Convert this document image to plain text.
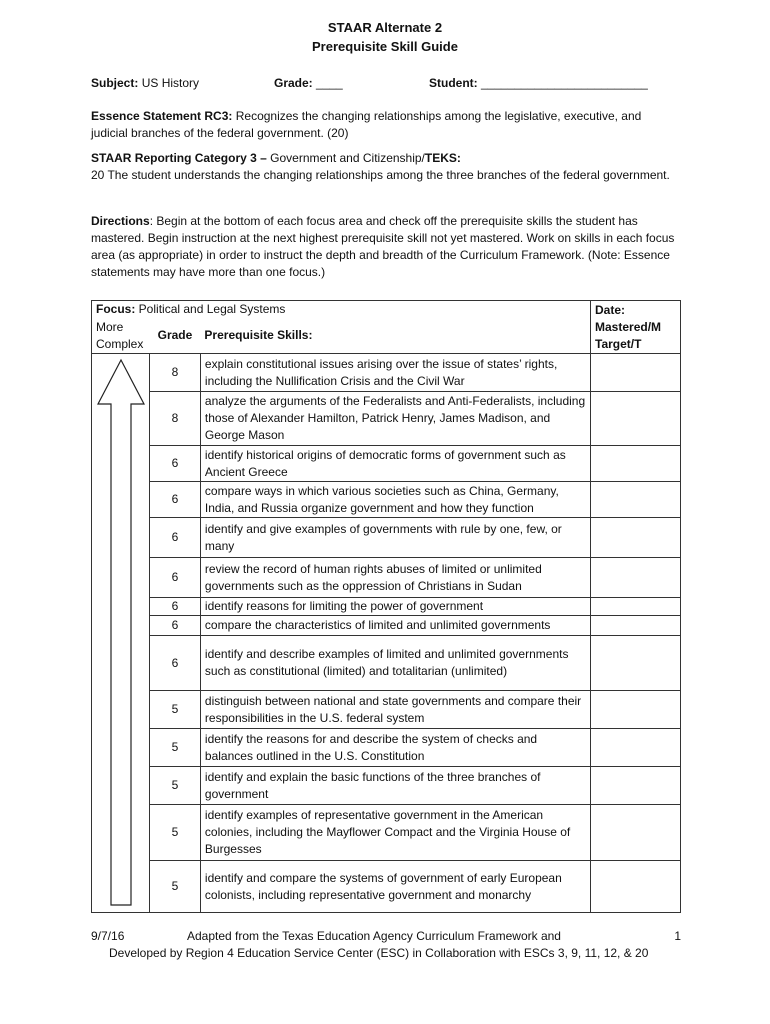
STAAR Alternate 2
Prerequisite Skill Guide
Subject: US History	Grade: ____	Student: _________________________
Essence Statement RC3: Recognizes the changing relationships among the legislative, executive, and judicial branches of the federal government. (20)
STAAR Reporting Category 3 – Government and Citizenship/TEKS:
20 The student understands the changing relationships among the three branches of the federal government.
Directions: Begin at the bottom of each focus area and check off the prerequisite skills the student has mastered. Begin instruction at the next highest prerequisite skill not yet mastered. Work on skills in each focus area (as appropriate) in order to instruct the depth and breadth of the Curriculum Framework. (Note: Essence statements may have more than one focus.)
Focus: Political and Legal Systems			Date: Mastered/M Target/T
More Complex	Grade	Prerequisite Skills:	

	8	explain constitutional issues arising over the issue of states’ rights, including the Nullification Crisis and the Civil War	
	8	analyze the arguments of the Federalists and Anti-Federalists, including those of Alexander Hamilton, Patrick Henry, James Madison, and George Mason	
	6	identify historical origins of democratic forms of government such as Ancient Greece	
	6	compare ways in which various societies such as China, Germany, India, and Russia organize government and how they function	
	6	identify and give examples of governments with rule by one, few, or many	
	6	review the record of human rights abuses of limited or unlimited governments such as the oppression of Christians in Sudan	
	6	identify reasons for limiting the power of government	
	6	compare the characteristics of limited and unlimited governments	
	6	identify and describe examples of limited and unlimited governments such as constitutional (limited) and totalitarian (unlimited)	
	5	distinguish between national and state governments and compare their responsibilities in the U.S. federal system	
	5	identify the reasons for and describe the system of checks and balances outlined in the U.S. Constitution	
	5	identify and explain the basic functions of the three branches of government	
	5	identify examples of representative government in the American colonies, including the Mayflower Compact and the Virginia House of Burgesses	
	5	identify and compare the systems of government of early European colonists, including representative government and monarchy	
9/7/16	Adapted from the Texas Education Agency Curriculum Framework and	1
Developed by Region 4 Education Service Center (ESC) in Collaboration with ESCs 3, 9, 11, 12, & 20
